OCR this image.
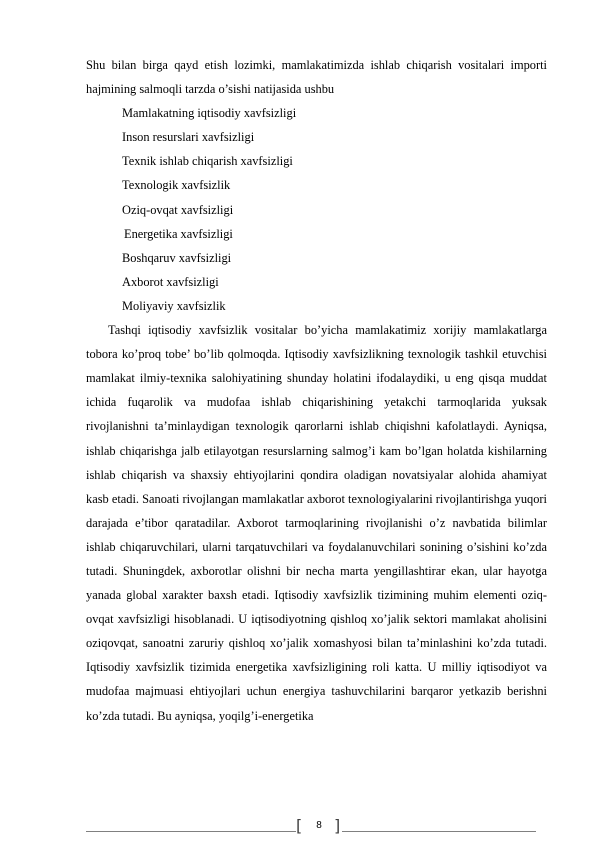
Shu bilan birga qayd etish lozimki, mamlakatimizda ishlab chiqarish vositalari importi hajmining salmoqli tarzda o’sishi natijasida ushbu

Mamlakatning iqtisodiy xavfsizligi
Inson resurslari xavfsizligi
Texnik ishlab chiqarish xavfsizligi
Texnologik xavfsizlik
Oziq-ovqat xavfsizligi
Energetika xavfsizligi
Boshqaruv xavfsizligi
Axborot xavfsizligi
Moliyaviy xavfsizlik

Tashqi iqtisodiy xavfsizlik vositalar bo’yicha mamlakatimiz xorijiy mamlakatlarga tobora ko’proq tobe’ bo’lib qolmoqda. Iqtisodiy xavfsizlikning texnologik tashkil etuvchisi mamlakat ilmiy-texnika salohiyatining shunday holatini ifodalaydiki, u eng qisqa muddat ichida fuqarolik va mudofaa ishlab chiqarishining yetakchi tarmoqlarida yuksak rivojlanishni ta’minlaydigan texnologik qarorlarni ishlab chiqishni kafolatlaydi. Ayniqsa, ishlab chiqarishga jalb etilayotgan resurslarning salmog’i kam bo’lgan holatda kishilarning ishlab chiqarish va shaxsiy ehtiyojlarini qondira oladigan novatsiyalar alohida ahamiyat kasb etadi. Sanoati rivojlangan mamlakatlar axborot texnologiyalarini rivojlantirishga yuqori darajada e’tibor qaratadilar. Axborot tarmoqlarining rivojlanishi o’z navbatida bilimlar ishlab chiqaruvchilari, ularni tarqatuvchilari va foydalanuvchilari sonining o’sishini ko’zda tutadi. Shuningdek, axborotlar olishni bir necha marta yengillashtirar ekan, ular hayotga yanada global xarakter baxsh etadi. Iqtisodiy xavfsizlik tizimining muhim elementi oziq-ovqat xavfsizligi hisoblanadi. U iqtisodiyotning qishloq xo’jalik sektori mamlakat aholisini oziqovqat, sanoatni zaruriy qishloq xo’jalik xomashyosi bilan ta’minlashini ko’zda tutadi. Iqtisodiy xavfsizlik tizimida energetika xavfsizligining roli katta. U milliy iqtisodiyot va mudofaa majmuasi ehtiyojlari uchun energiya tashuvchilarini barqaror yetkazib berishni ko’zda tutadi. Bu ayniqsa, yoqilg’i-energetika

[	8 ]
